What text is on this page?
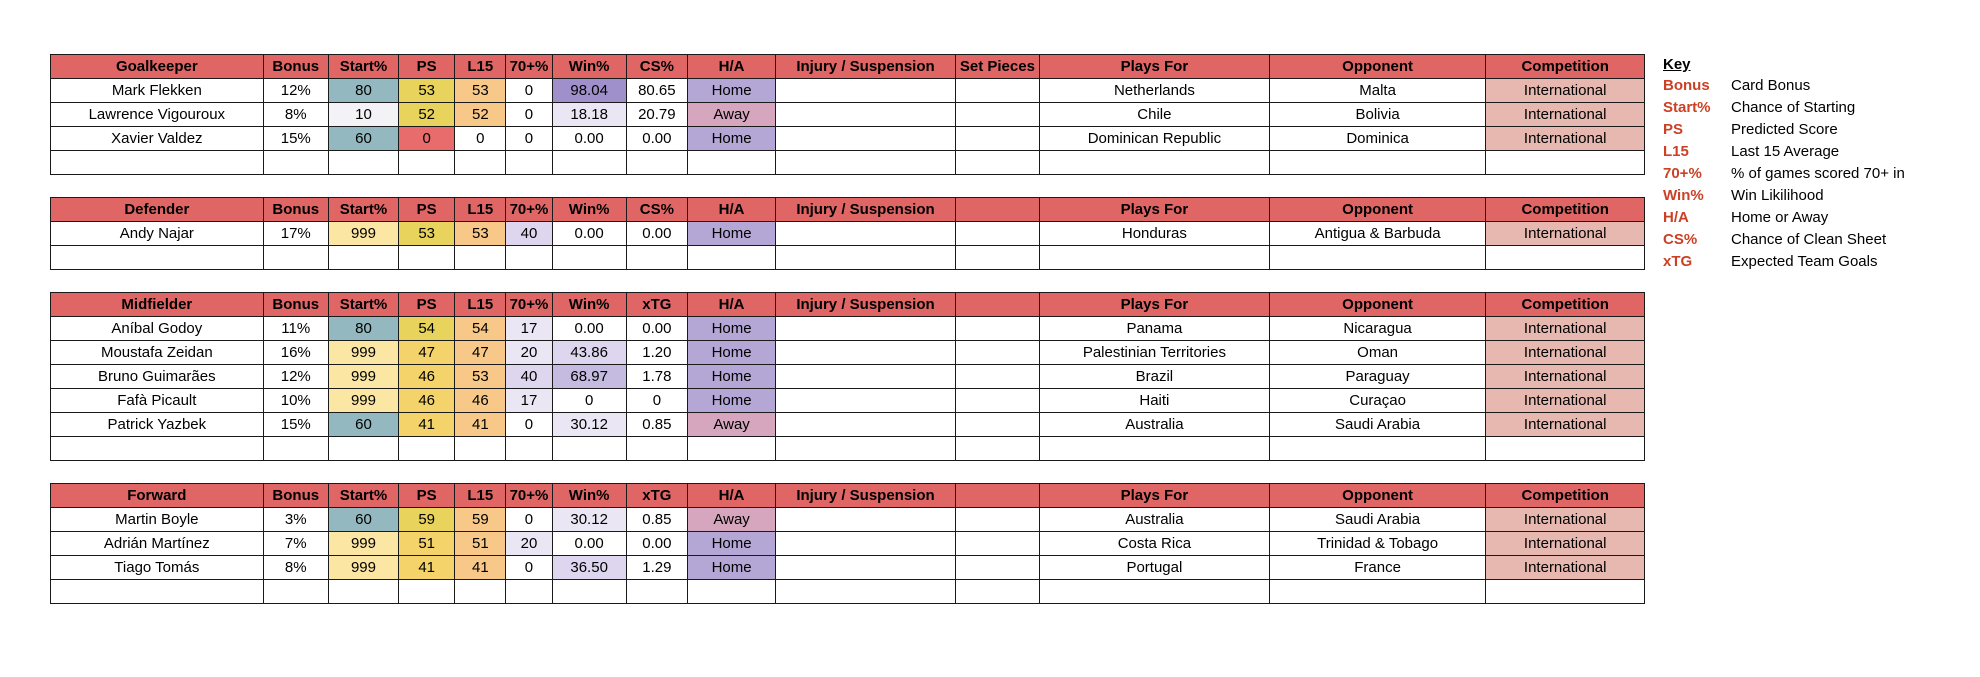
Goalkeeper	Bonus	Start%	PS	L15	70+%	Win%	CS%	H/A	Injury / Suspension	Set Pieces	Plays For	Opponent	Competition
Mark Flekken	12%	80	53	53	0	98.04	80.65	Home			Netherlands	Malta	International
Lawrence Vigouroux	8%	10	52	52	0	18.18	20.79	Away			Chile	Bolivia	International
Xavier Valdez	15%	60	0	0	0	0.00	0.00	Home			Dominican Republic	Dominica	International

Defender	Bonus	Start%	PS	L15	70+%	Win%	CS%	H/A	Injury / Suspension		Plays For	Opponent	Competition
Andy Najar	17%	999	53	53	40	0.00	0.00	Home			Honduras	Antigua & Barbuda	International

Midfielder	Bonus	Start%	PS	L15	70+%	Win%	xTG	H/A	Injury / Suspension		Plays For	Opponent	Competition
Aníbal Godoy	11%	80	54	54	17	0.00	0.00	Home			Panama	Nicaragua	International
Moustafa Zeidan	16%	999	47	47	20	43.86	1.20	Home			Palestinian Territories	Oman	International
Bruno Guimarães	12%	999	46	53	40	68.97	1.78	Home			Brazil	Paraguay	International
Fafà Picault	10%	999	46	46	17	0	0	Home			Haiti	Curaçao	International
Patrick Yazbek	15%	60	41	41	0	30.12	0.85	Away			Australia	Saudi Arabia	International

Forward	Bonus	Start%	PS	L15	70+%	Win%	xTG	H/A	Injury / Suspension		Plays For	Opponent	Competition
Martin Boyle	3%	60	59	59	0	30.12	0.85	Away			Australia	Saudi Arabia	International
Adrián Martínez	7%	999	51	51	20	0.00	0.00	Home			Costa Rica	Trinidad & Tobago	International
Tiago Tomás	8%	999	41	41	0	36.50	1.29	Home			Portugal	France	International

Key
Bonus	Card Bonus
Start%	Chance of Starting
PS	Predicted Score
L15	Last 15 Average
70+%	% of games scored 70+ in
Win%	Win Likilihood
H/A	Home or Away
CS%	Chance of Clean Sheet
xTG	Expected Team Goals
